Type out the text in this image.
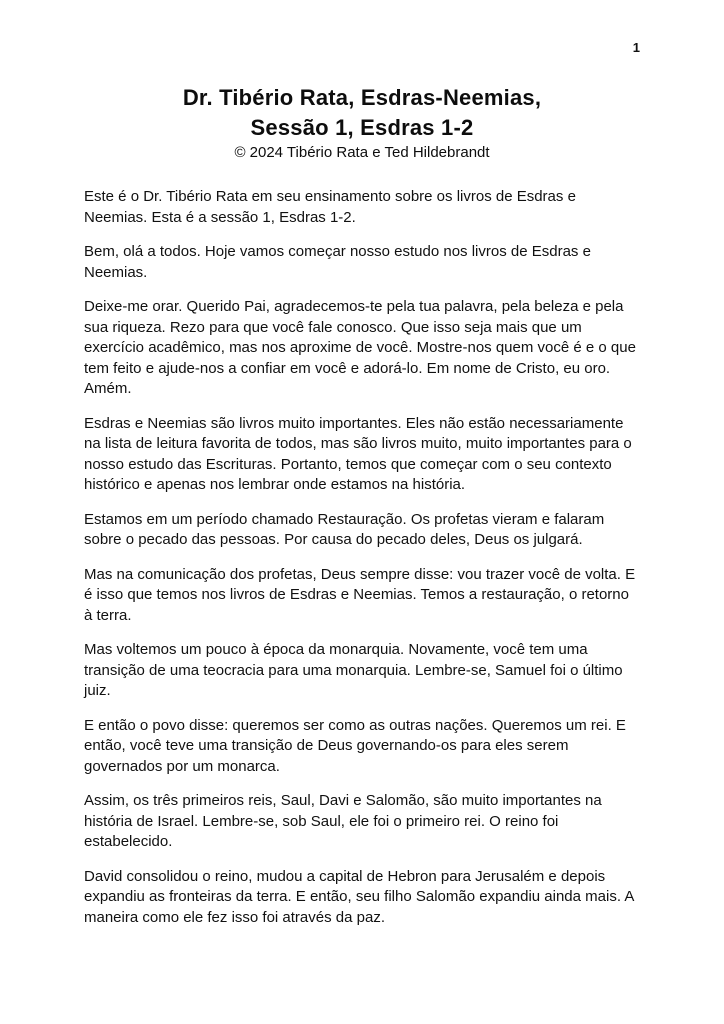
1
Dr. Tibério Rata, Esdras-Neemias,
Sessão 1, Esdras 1-2
© 2024 Tibério Rata e Ted Hildebrandt

Este é o Dr. Tibério Rata em seu ensinamento sobre os livros de Esdras e Neemias. Esta é a sessão 1, Esdras 1-2.

Bem, olá a todos. Hoje vamos começar nosso estudo nos livros de Esdras e Neemias.

Deixe-me orar. Querido Pai, agradecemos-te pela tua palavra, pela beleza e pela sua riqueza. Rezo para que você fale conosco. Que isso seja mais que um exercício acadêmico, mas nos aproxime de você. Mostre-nos quem você é e o que tem feito e ajude-nos a confiar em você e adorá-lo. Em nome de Cristo, eu oro. Amém.

Esdras e Neemias são livros muito importantes. Eles não estão necessariamente na lista de leitura favorita de todos, mas são livros muito, muito importantes para o nosso estudo das Escrituras. Portanto, temos que começar com o seu contexto histórico e apenas nos lembrar onde estamos na história.

Estamos em um período chamado Restauração. Os profetas vieram e falaram sobre o pecado das pessoas. Por causa do pecado deles, Deus os julgará.

Mas na comunicação dos profetas, Deus sempre disse: vou trazer você de volta. E é isso que temos nos livros de Esdras e Neemias. Temos a restauração, o retorno à terra.

Mas voltemos um pouco à época da monarquia. Novamente, você tem uma transição de uma teocracia para uma monarquia. Lembre-se, Samuel foi o último juiz.

E então o povo disse: queremos ser como as outras nações. Queremos um rei. E então, você teve uma transição de Deus governando-os para eles serem governados por um monarca.

Assim, os três primeiros reis, Saul, Davi e Salomão, são muito importantes na história de Israel. Lembre-se, sob Saul, ele foi o primeiro rei. O reino foi estabelecido.

David consolidou o reino, mudou a capital de Hebron para Jerusalém e depois expandiu as fronteiras da terra. E então, seu filho Salomão expandiu ainda mais. A maneira como ele fez isso foi através da paz.
